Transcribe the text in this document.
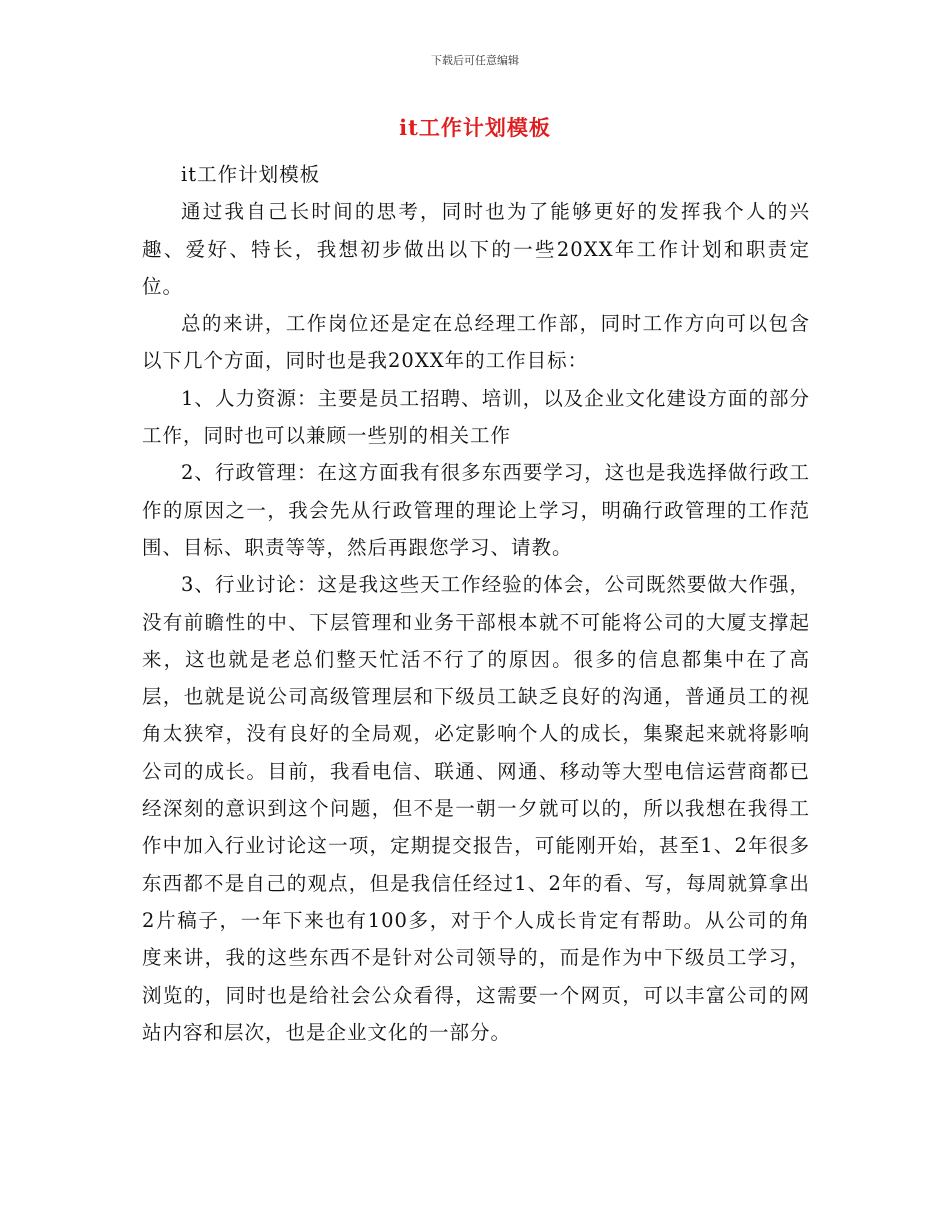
下载后可任意编辑
it工作计划模板

it工作计划模板

通过我自己长时间的思考，同时也为了能够更好的发挥我个人的兴趣、爱好、特长，我想初步做出以下的一些20XX年工作计划和职责定位。

总的来讲，工作岗位还是定在总经理工作部，同时工作方向可以包含以下几个方面，同时也是我20XX年的工作目标：

1、人力资源：主要是员工招聘、培训，以及企业文化建设方面的部分工作，同时也可以兼顾一些别的相关工作

2、行政管理：在这方面我有很多东西要学习，这也是我选择做行政工作的原因之一，我会先从行政管理的理论上学习，明确行政管理的工作范围、目标、职责等等，然后再跟您学习、请教。

3、行业讨论：这是我这些天工作经验的体会，公司既然要做大作强，没有前瞻性的中、下层管理和业务干部根本就不可能将公司的大厦支撑起来，这也就是老总们整天忙活不行了的原因。很多的信息都集中在了高层，也就是说公司高级管理层和下级员工缺乏良好的沟通，普通员工的视角太狭窄，没有良好的全局观，必定影响个人的成长，集聚起来就将影响公司的成长。目前，我看电信、联通、网通、移动等大型电信运营商都已经深刻的意识到这个问题，但不是一朝一夕就可以的，所以我想在我得工作中加入行业讨论这一项，定期提交报告，可能刚开始，甚至1、2年很多东西都不是自己的观点，但是我信任经过1、2年的看、写，每周就算拿出2片稿子，一年下来也有100多，对于个人成长肯定有帮助。从公司的角度来讲，我的这些东西不是针对公司领导的，而是作为中下级员工学习，浏览的，同时也是给社会公众看得，这需要一个网页，可以丰富公司的网站内容和层次，也是企业文化的一部分。
